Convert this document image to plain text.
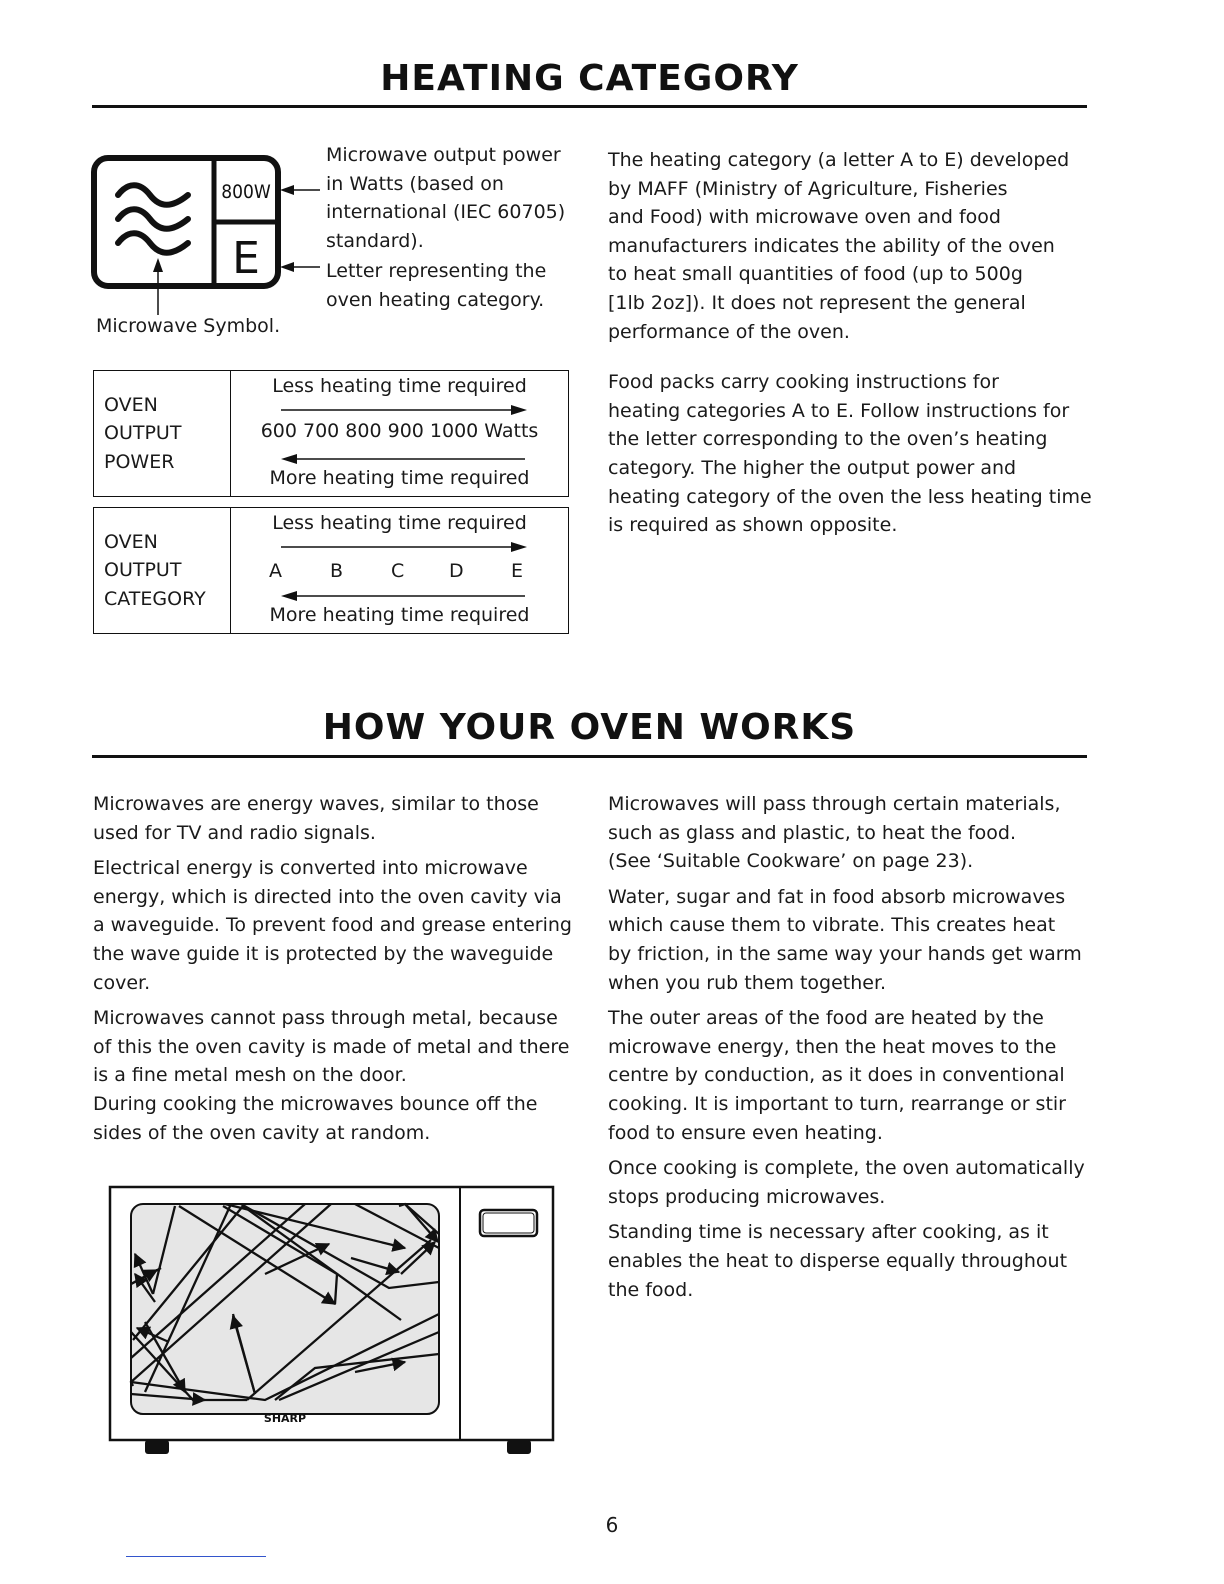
HEATING CATEGORY
800W
E
Microwave output power
in Watts (based on
international (IEC 60705)
standard).
Letter representing the
oven heating category.
Microwave Symbol.
OVEN
OUTPUT
POWER
Less heating time required
600 700 800 900 1000 Watts
More heating time required
OVEN
OUTPUT
CATEGORY
Less heating time required
A	B	C D E
More heating time required

The heating category (a letter A to E) developed
by MAFF (Ministry of Agriculture, Fisheries
and Food) with microwave oven and food
manufacturers indicates the ability of the oven
to heat small quantities of food (up to 500g
[1lb 2oz]). It does not represent the general
performance of the oven.

Food packs carry cooking instructions for
heating categories A to E. Follow instructions for
the letter corresponding to the oven’s heating
category. The higher the output power and
heating category of the oven the less heating time
is required as shown opposite.

HOW YOUR OVEN WORKS

Microwaves are energy waves, similar to those
used for TV and radio signals.

Electrical energy is converted into microwave
energy, which is directed into the oven cavity via
a waveguide. To prevent food and grease entering
the wave guide it is protected by the waveguide
cover.

Microwaves cannot pass through metal, because
of this the oven cavity is made of metal and there
is a fine metal mesh on the door.

During cooking the microwaves bounce off the
sides of the oven cavity at random.

Microwaves will pass through certain materials,
such as glass and plastic, to heat the food.
(See ‘Suitable Cookware’ on page 23).

Water, sugar and fat in food absorb microwaves
which cause them to vibrate. This creates heat
by friction, in the same way your hands get warm
when you rub them together.

The outer areas of the food are heated by the
microwave energy, then the heat moves to the
centre by conduction, as it does in conventional
cooking. It is important to turn, rearrange or stir
food to ensure even heating.

Once cooking is complete, the oven automatically
stops producing microwaves.

Standing time is necessary after cooking, as it
enables the heat to disperse equally throughout
the food.

SHARP
6
